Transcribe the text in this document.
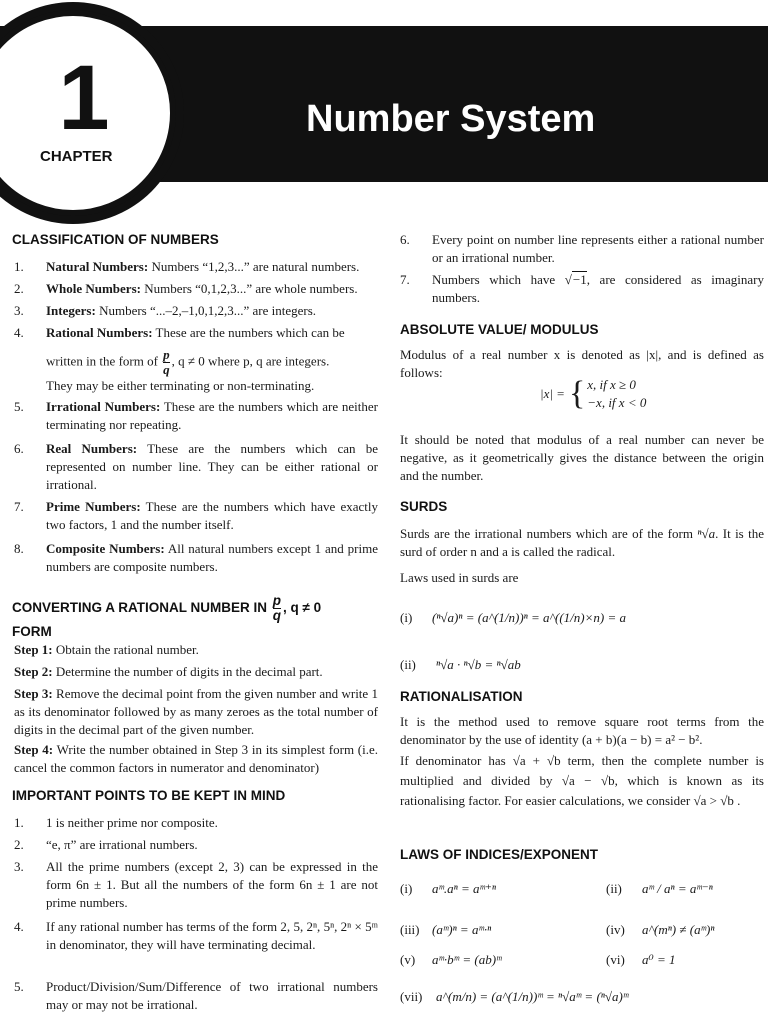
1
CHAPTER
Number System
CLASSIFICATION OF NUMBERS
1.	Natural Numbers: Numbers “1,2,3...” are natural numbers.
2.	Whole Numbers: Numbers “0,1,2,3...” are whole numbers.
3.	Integers: Numbers “...–2,–1,0,1,2,3...” are integers.
4.	Rational Numbers: These are the numbers which can be
written in the form of $\frac{p}{q}$ , q ≠ 0 where p, q are integers.
They may be either terminating or non-terminating.
5.	Irrational Numbers: These are the numbers which are neither terminating nor repeating.
6.	Real Numbers: These are the numbers which can be represented on number line. They can be either rational or irrational.
7.	Prime Numbers: These are the numbers which have exactly two factors, 1 and the number itself.
8.	Composite Numbers: All natural numbers except 1 and prime numbers are composite numbers.
CONVERTING A RATIONAL NUMBER IN $\frac{p}{q}$ , q ≠ 0
FORM

Step 1: Obtain the rational number.

Step 2: Determine the number of digits in the decimal part.

Step 3: Remove the decimal point from the given number and write 1 as its denominator followed by as many zeroes as the total number of digits in the decimal part of the given number.

Step 4: Write the number obtained in Step 3 in its simplest form (i.e. cancel the common factors in numerator and denominator)

IMPORTANT POINTS TO BE KEPT IN MIND
1.	1 is neither prime nor composite.
2.	“e, π” are irrational numbers.
3.	All the prime numbers (except 2, 3) can be expressed in the form 6n ± 1. But all the numbers of the form 6n ± 1 are not prime numbers.
4.	If any rational number has terms of the form 2, 5, 2ⁿ, 5ⁿ, 2ⁿ × 5ᵐ in denominator, they will have terminating decimal.
5.	Product/Division/Sum/Difference of two irrational numbers may or may not be irrational.
6.	Every point on number line represents either a rational number or an irrational number.
7.	Numbers which have √−1, are considered as imaginary numbers.
ABSOLUTE VALUE/ MODULUS

Modulus of a real number x is denoted as |x|, and is defined as follows:

|x| = { x, if x ≥ 0
−x, if x < 0

It should be noted that modulus of a real number can never be negative, as it geometrically gives the distance between the origin and the number.

SURDS

Surds are the irrational numbers which are of the form ⁿ√a. It is the surd of order n and a is called the radical.

Laws used in surds are

(i) (ⁿ√a)ⁿ = (a^(1/n))ⁿ = a^((1/n)×n) = a
(ii) ⁿ√a · ⁿ√b = ⁿ√ab
RATIONALISATION

It is the method used to remove square root terms from the denominator by the use of identity (a + b)(a − b) = a² − b².

If denominator has √a + √b term, then the complete number is multiplied and divided by √a − √b, which is known as its rationalising factor. For easier calculations, we consider √a > √b .

LAWS OF INDICES/EXPONENT
(i) aᵐ.aⁿ = aᵐ⁺ⁿ	(ii) aᵐ / aⁿ = aᵐ⁻ⁿ
(iii) (aᵐ)ⁿ = aᵐ·ⁿ	(iv) a^(mⁿ) ≠ (aᵐ)ⁿ
(v) aᵐ·bᵐ = (ab)ᵐ	(vi) a⁰ = 1
(vii) a^(m/n) = (a^(1/n))ᵐ = ⁿ√aᵐ = (ⁿ√a)ᵐ
